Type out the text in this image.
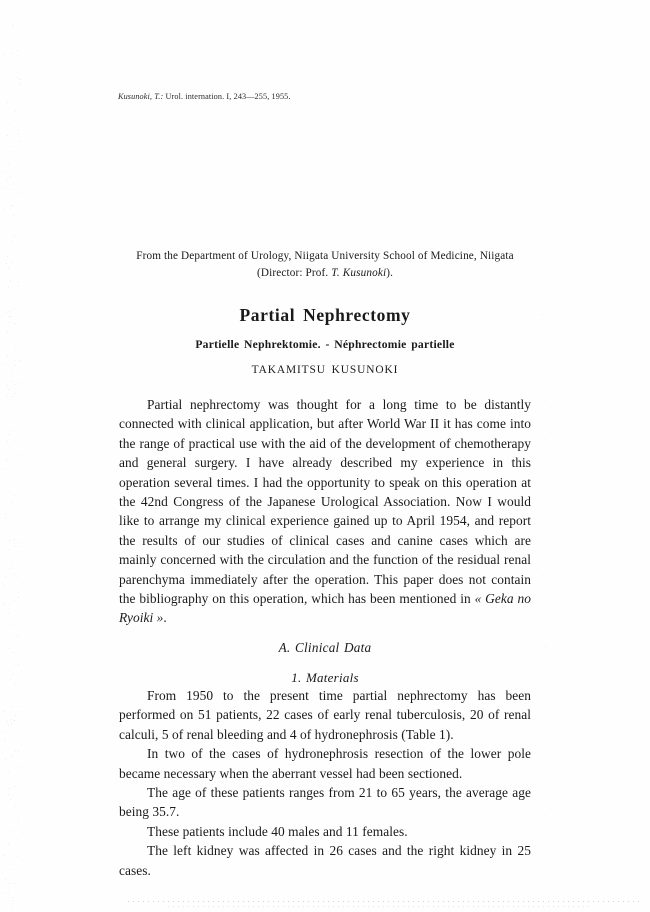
Kusunoki, T.: Urol. internation. I, 243—255, 1955.
From the Department of Urology, Niigata University School of Medicine, Niigata
(Director: Prof. T. Kusunoki).
Partial Nephrectomy
Partielle Nephrektomie. - Néphrectomie partielle
TAKAMITSU KUSUNOKI

Partial nephrectomy was thought for a long time to be distantly connected with clinical application, but after World War II it has come into the range of practical use with the aid of the development of chemotherapy and general surgery. I have already described my experience in this operation several times. I had the opportunity to speak on this operation at the 42nd Congress of the Japanese Urological Association. Now I would like to arrange my clinical experience gained up to April 1954, and report the results of our studies of clinical cases and canine cases which are mainly concerned with the circulation and the function of the residual renal parenchyma immediately after the operation. This paper does not contain the bibliography on this operation, which has been mentioned in « Geka no Ryoiki ».

A. Clinical Data
1. Materials

From 1950 to the present time partial nephrectomy has been performed on 51 patients, 22 cases of early renal tuberculosis, 20 of renal calculi, 5 of renal bleeding and 4 of hydronephrosis (Table 1).

In two of the cases of hydronephrosis resection of the lower pole became necessary when the aberrant vessel had been sectioned.

The age of these patients ranges from 21 to 65 years, the average age being 35.7.

These patients include 40 males and 11 females.

The left kidney was affected in 26 cases and the right kidney in 25 cases.
